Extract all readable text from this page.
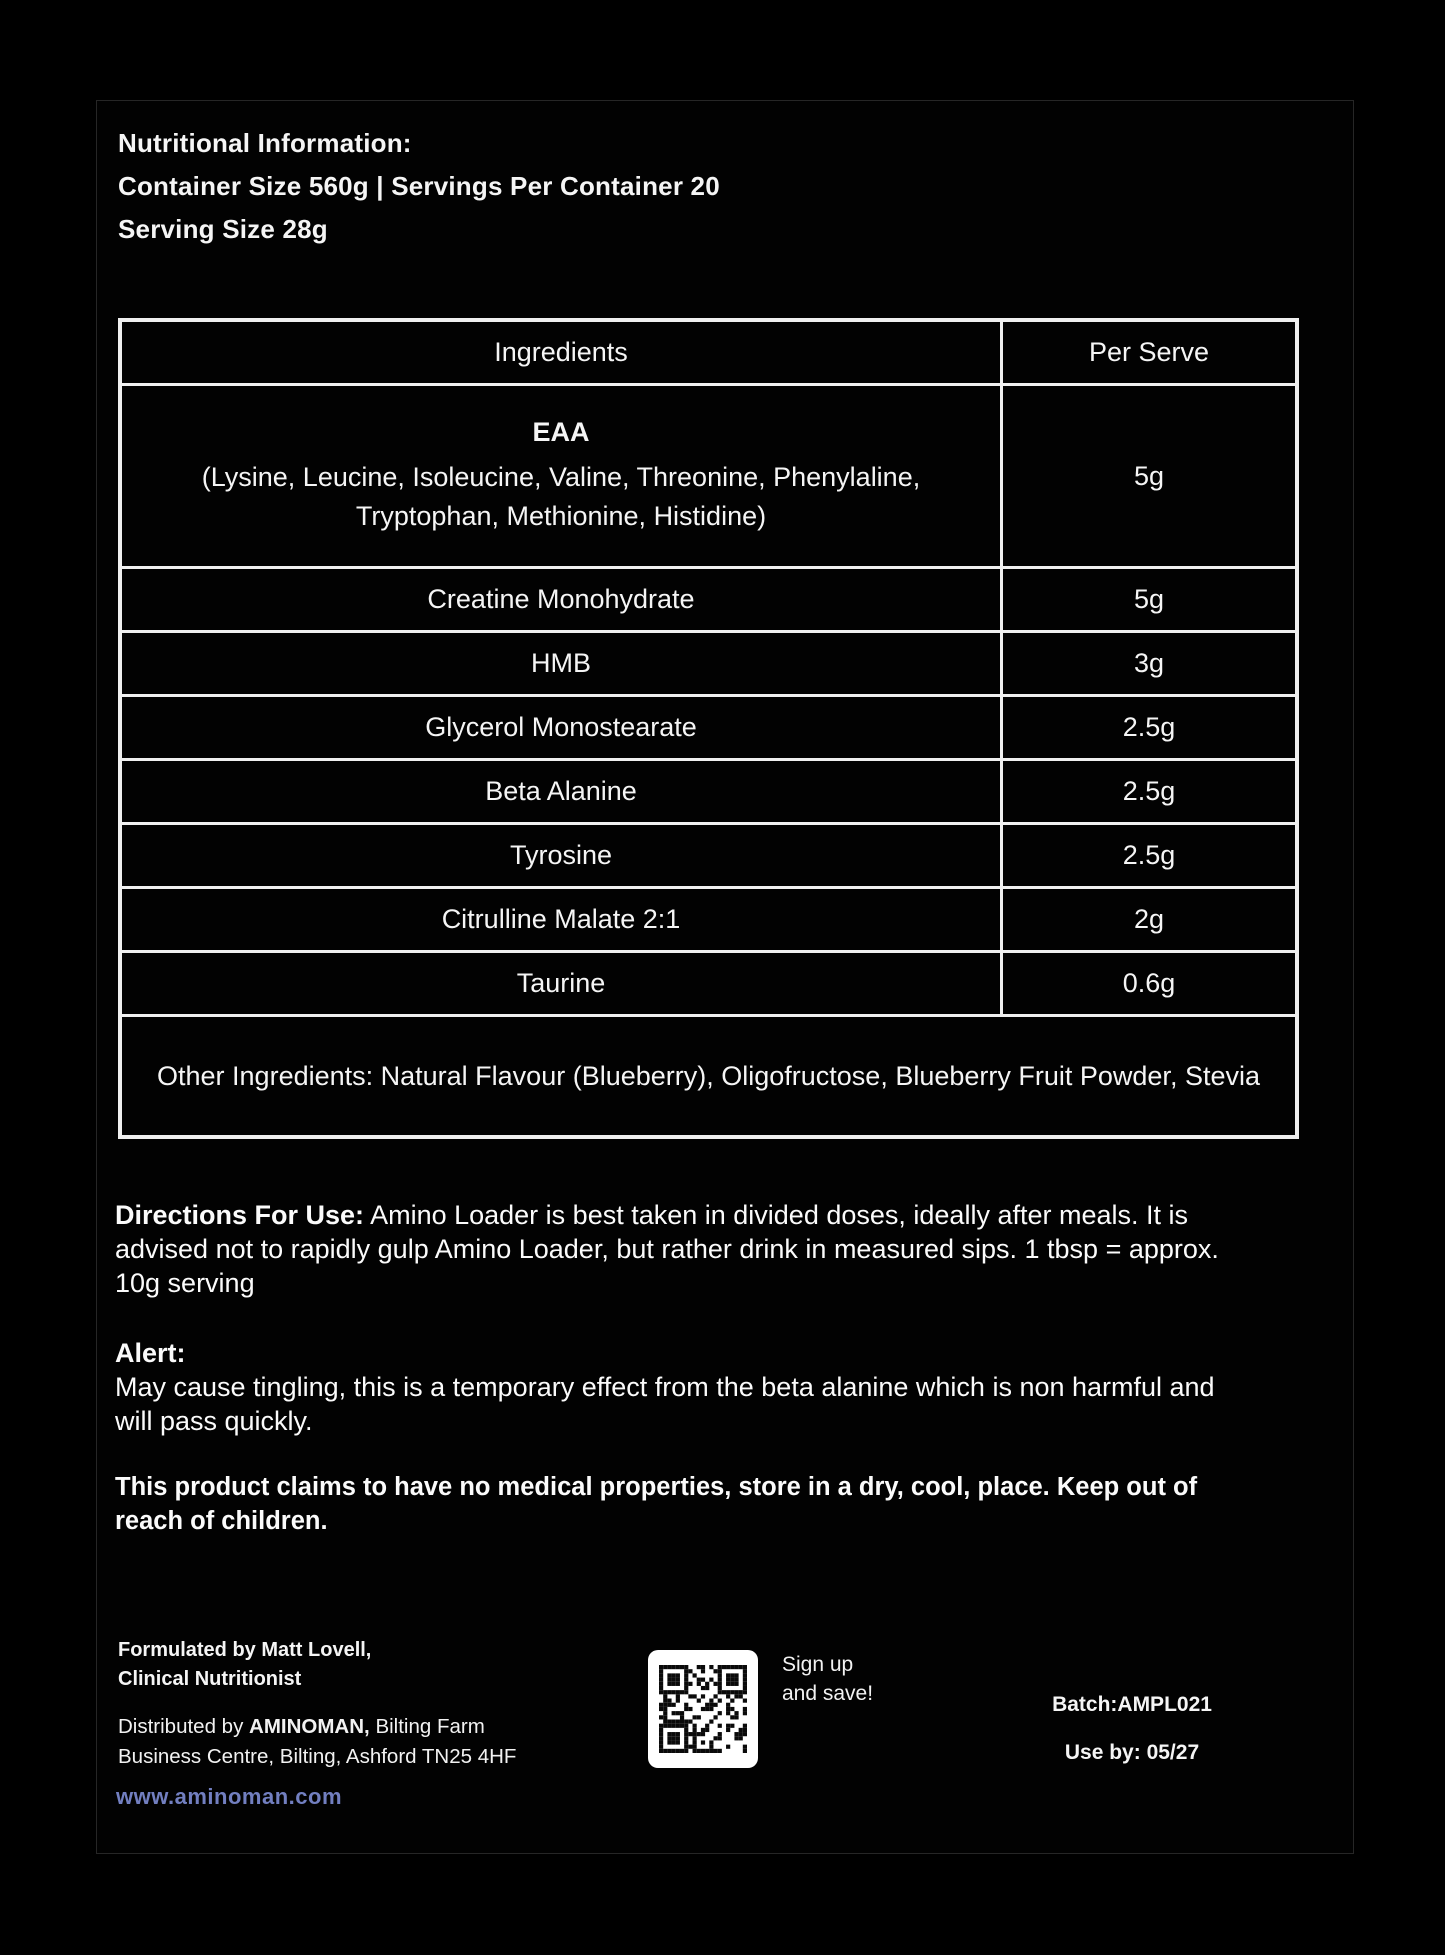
Nutritional Information:
Container Size 560g | Servings Per Container 20
Serving Size 28g
Ingredients	Per Serve

EAA
(Lysine, Leucine, Isoleucine, Valine, Threonine, Phenylaline, Tryptophan, Methionine, Histidine)	5g
Creatine Monohydrate	5g
HMB	3g
Glycerol Monostearate	2.5g
Beta Alanine	2.5g
Tyrosine	2.5g
Citrulline Malate 2:1	2g
Taurine	0.6g
Other Ingredients: Natural Flavour (Blueberry), Oligofructose, Blueberry Fruit Powder, Stevia	
Directions For Use: Amino Loader is best taken in divided doses, ideally after meals. It is advised not to rapidly gulp Amino Loader, but rather drink in measured sips. 1 tbsp = approx. 10g serving
Alert:
May cause tingling, this is a temporary effect from the beta alanine which is non harmful and will pass quickly.
This product claims to have no medical properties, store in a dry, cool, place. Keep out of reach of children.
Formulated by Matt Lovell,
Clinical Nutritionist
Distributed by AMINOMAN, Bilting Farm Business Centre, Bilting, Ashford TN25 4HF
www.aminoman.com
Sign up
and save!	Batch:AMPL021
Use by: 05/27
